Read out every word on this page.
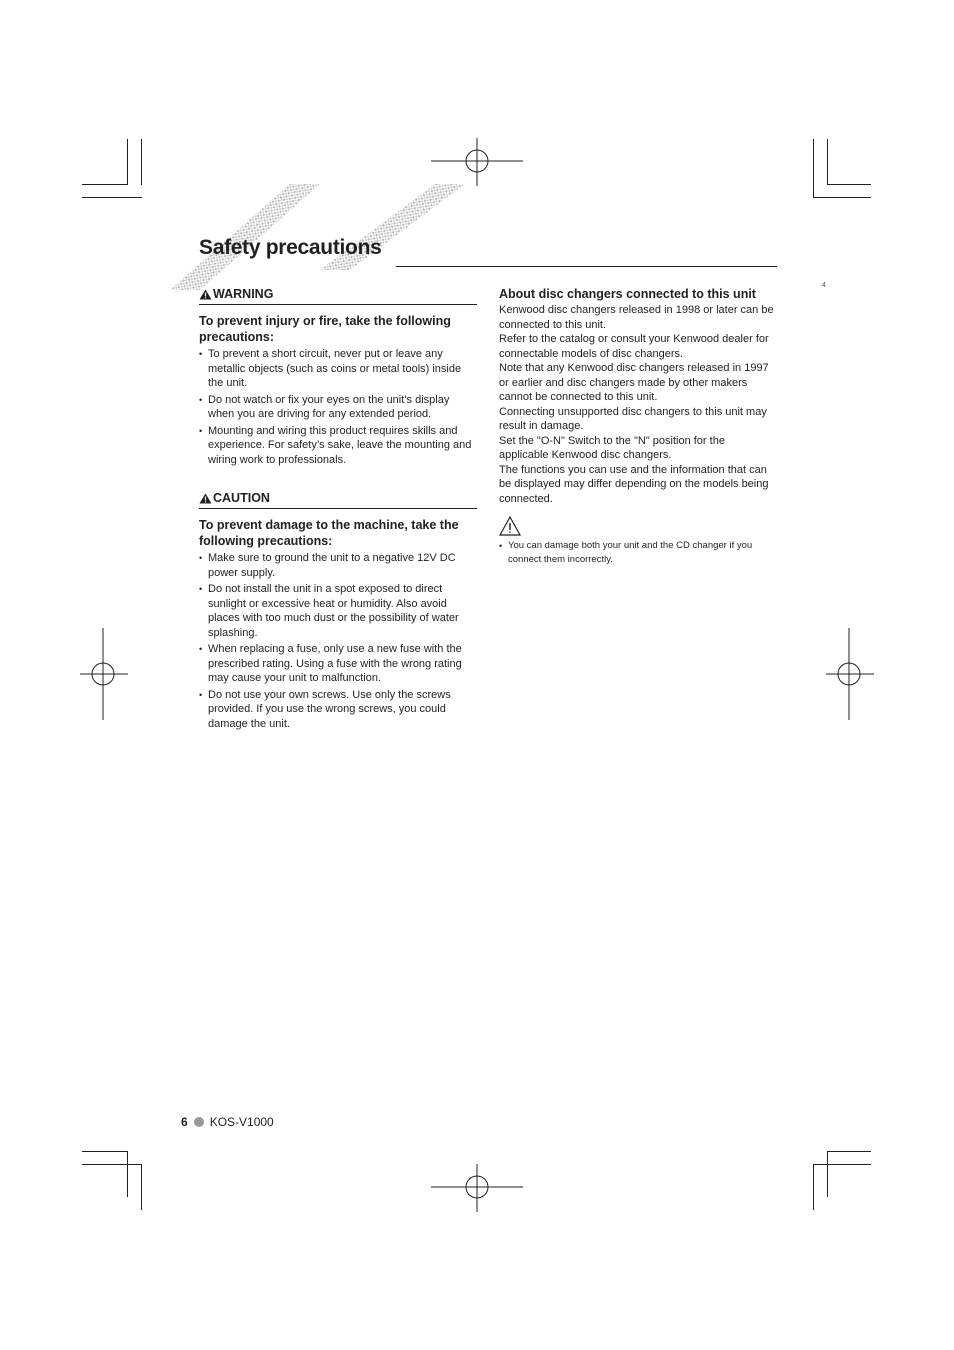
Safety precautions
4
WARNING
To prevent injury or fire, take the following precautions:
• To prevent a short circuit, never put or leave any metallic objects (such as coins or metal tools) inside the unit.
• Do not watch or fix your eyes on the unit’s display when you are driving for any extended period.
• Mounting and wiring this product requires skills and experience. For safety’s sake, leave the mounting and wiring work to professionals.
CAUTION
To prevent damage to the machine, take the following precautions:
• Make sure to ground the unit to a negative 12V DC power supply.
• Do not install the unit in a spot exposed to direct sunlight or excessive heat or humidity. Also avoid places with too much dust or the possibility of water splashing.
• When replacing a fuse, only use a new fuse with the prescribed rating. Using a fuse with the wrong rating may cause your unit to malfunction.
• Do not use your own screws. Use only the screws provided. If you use the wrong screws, you could damage the unit.
About disc changers connected to this unit

Kenwood disc changers released in 1998 or later can be connected to this unit.

Refer to the catalog or consult your Kenwood dealer for connectable models of disc changers.

Note that any Kenwood disc changers released in 1997 or earlier and disc changers made by other makers cannot be connected to this unit.

Connecting unsupported disc changers to this unit may result in damage.

Set the "O-N" Switch to the "N" position for the applicable Kenwood disc changers.

The functions you can use and the information that can be displayed may differ depending on the models being connected.

• You can damage both your unit and the CD changer if you connect them incorrectly.
6 KOS-V1000
